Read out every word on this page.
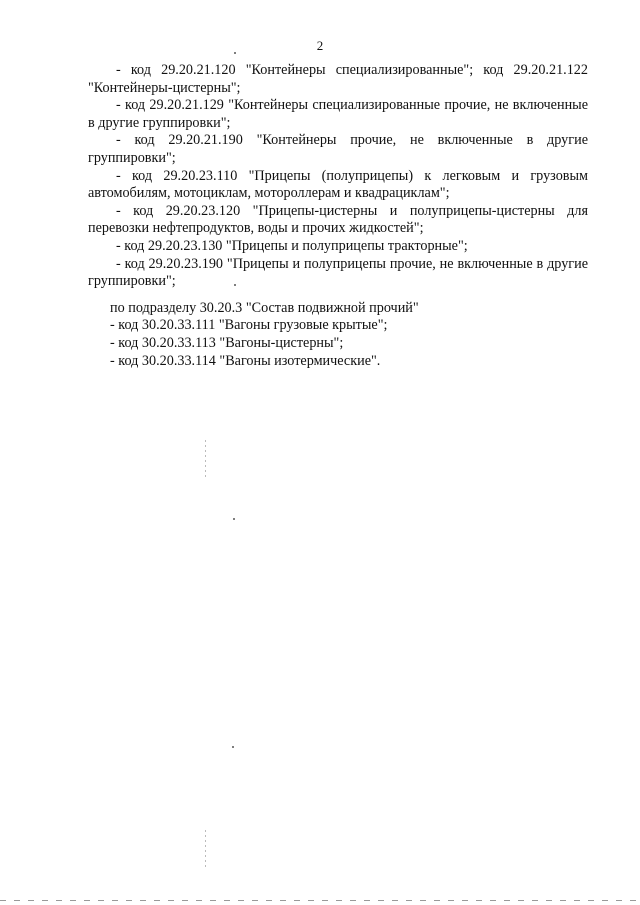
2

- код 29.20.21.120 "Контейнеры специализированные"; код 29.20.21.122 "Контейнеры-цистерны";

- код 29.20.21.129 "Контейнеры специализированные прочие, не включенные в другие группировки";

- код 29.20.21.190 "Контейнеры прочие, не включенные в другие группировки";

- код 29.20.23.110 "Прицепы (полуприцепы) к легковым и грузовым автомобилям, мотоциклам, мотороллерам и квадрациклам";

- код 29.20.23.120 "Прицепы-цистерны и полуприцепы-цистерны для перевозки нефтепродуктов, воды и прочих жидкостей";

- код 29.20.23.130 "Прицепы и полуприцепы тракторные";

- код 29.20.23.190 "Прицепы и полуприцепы прочие, не включенные в другие группировки";

по подразделу 30.20.3 "Состав подвижной прочий"

- код 30.20.33.111 "Вагоны грузовые крытые";

- код 30.20.33.113 "Вагоны-цистерны";

- код 30.20.33.114 "Вагоны изотермические".
